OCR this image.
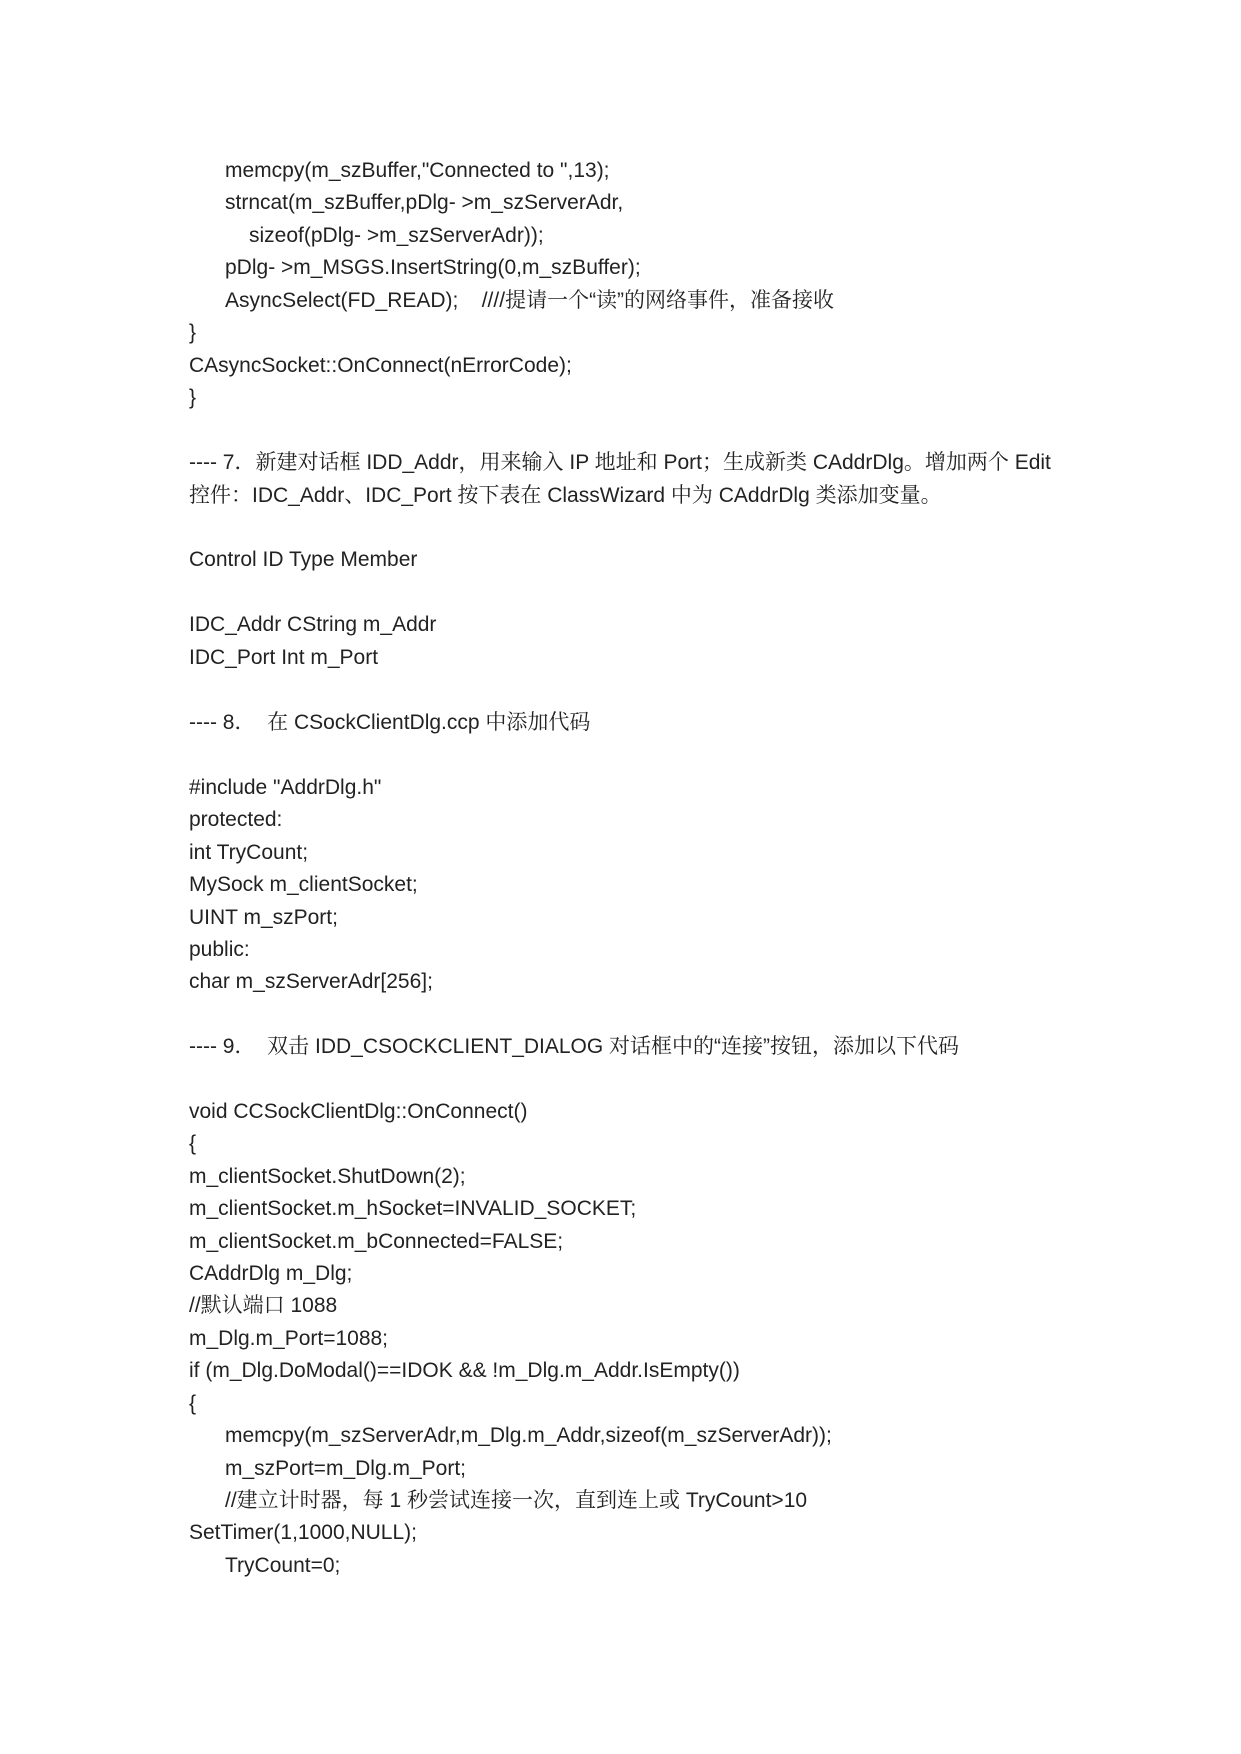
memcpy(m_szBuffer,"Connected to ",13);
strncat(m_szBuffer,pDlg- >m_szServerAdr,
sizeof(pDlg- >m_szServerAdr));
pDlg- >m_MSGS.InsertString(0,m_szBuffer);
AsyncSelect(FD_READ);    ////提请一个“读”的网络事件，准备接收
}
CAsyncSocket::OnConnect(nErrorCode);
}
---- 7．新建对话框 IDD_Addr，用来输入 IP 地址和 Port；生成新类 CAddrDlg。增加两个 Edit
控件：IDC_Addr、IDC_Port 按下表在 ClassWizard 中为 CAddrDlg 类添加变量。
Control ID Type Member
IDC_Addr CString m_Addr
IDC_Port Int m_Port
---- 8．  在 CSockClientDlg.ccp 中添加代码
#include "AddrDlg.h"
protected:
int TryCount;
MySock m_clientSocket;
UINT m_szPort;
public:
char m_szServerAdr[256];
---- 9．  双击 IDD_CSOCKCLIENT_DIALOG 对话框中的“连接”按钮，添加以下代码
void CCSockClientDlg::OnConnect()
{
m_clientSocket.ShutDown(2);
m_clientSocket.m_hSocket=INVALID_SOCKET;
m_clientSocket.m_bConnected=FALSE;
CAddrDlg m_Dlg;
//默认端口 1088
m_Dlg.m_Port=1088;
if (m_Dlg.DoModal()==IDOK && !m_Dlg.m_Addr.IsEmpty())
{
memcpy(m_szServerAdr,m_Dlg.m_Addr,sizeof(m_szServerAdr));
m_szPort=m_Dlg.m_Port;
//建立计时器，每 1 秒尝试连接一次，直到连上或 TryCount>10
SetTimer(1,1000,NULL);
TryCount=0;
